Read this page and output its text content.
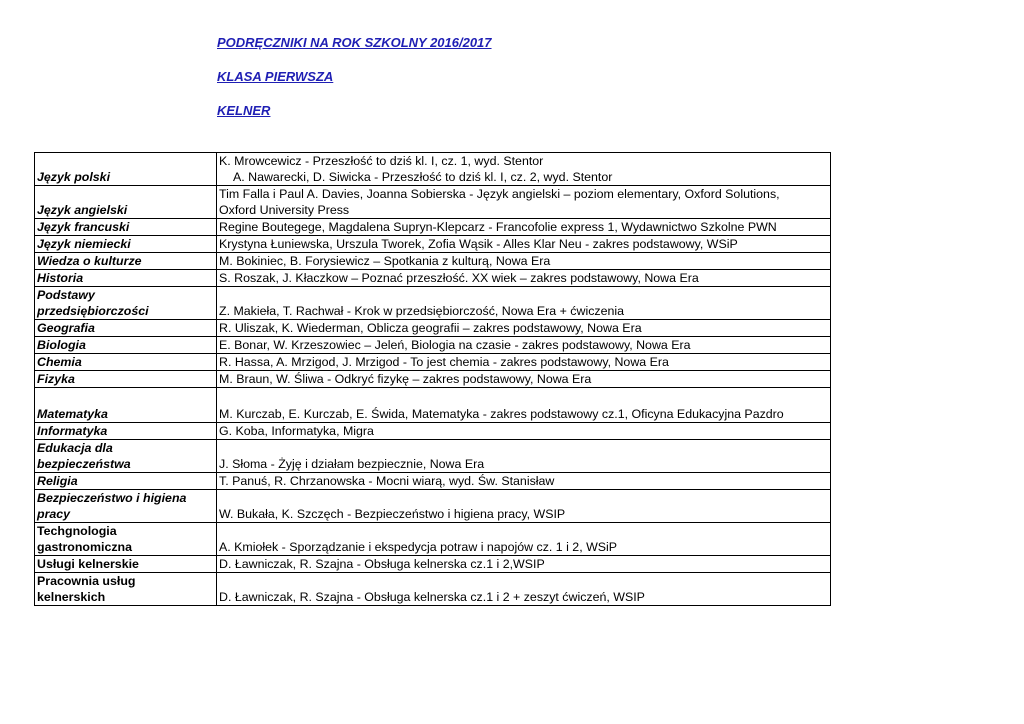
PODRĘCZNIKI NA ROK SZKOLNY 2016/2017

KLASA PIERWSZA

KELNER

Język polski	K. Mrowcewicz - Przeszłość to dziś kl. I, cz. 1, wyd. Stentor
A. Nawarecki, D. Siwicka - Przeszłość to dziś kl. I, cz. 2, wyd. Stentor

Język angielski	Tim Falla i Paul A. Davies, Joanna Sobierska - Język angielski – poziom elementary, Oxford Solutions,
Oxford University Press

Język francuski	Regine Boutegege, Magdalena Supryn-Klepcarz - Francofolie express 1, Wydawnictwo Szkolne PWN
Język niemiecki	Krystyna Łuniewska, Urszula Tworek, Zofia Wąsik - Alles Klar Neu - zakres podstawowy, WSiP
Wiedza o kulturze	M. Bokiniec, B. Forysiewicz – Spotkania z kulturą, Nowa Era
Historia	S. Roszak, J. Kłaczkow – Poznać przeszłość. XX wiek – zakres podstawowy, Nowa Era

Podstawy
przedsiębiorczości	Z. Makieła, T. Rachwał - Krok w przedsiębiorczość, Nowa Era + ćwiczenia
Geografia	R. Uliszak, K. Wiederman, Oblicza geografii – zakres podstawowy, Nowa Era
Biologia	E. Bonar, W. Krzeszowiec – Jeleń, Biologia na czasie - zakres podstawowy, Nowa Era
Chemia	R. Hassa, A. Mrzigod, J. Mrzigod - To jest chemia - zakres podstawowy, Nowa Era
Fizyka	M. Braun, W. Śliwa - Odkryć fizykę – zakres podstawowy, Nowa Era
Matematyka	M. Kurczab, E. Kurczab, E. Świda, Matematyka - zakres podstawowy cz.1, Oficyna Edukacyjna Pazdro
Informatyka	G. Koba, Informatyka, Migra

Edukacja dla
bezpieczeństwa	J. Słoma - Żyję i działam bezpiecznie, Nowa Era
Religia	T. Panuś, R. Chrzanowska - Mocni wiarą, wyd. Św. Stanisław

Bezpieczeństwo i higiena
pracy	W. Bukała, K. Szczęch - Bezpieczeństwo i higiena pracy, WSIP

Techgnologia
gastronomiczna	A. Kmiołek - Sporządzanie i ekspedycja potraw i napojów cz. 1 i 2, WSiP
Usługi kelnerskie	D. Ławniczak, R. Szajna - Obsługa kelnerska cz.1 i 2,WSIP

Pracownia usług
kelnerskich	D. Ławniczak, R. Szajna - Obsługa kelnerska cz.1 i 2 + zeszyt ćwiczeń, WSIP
